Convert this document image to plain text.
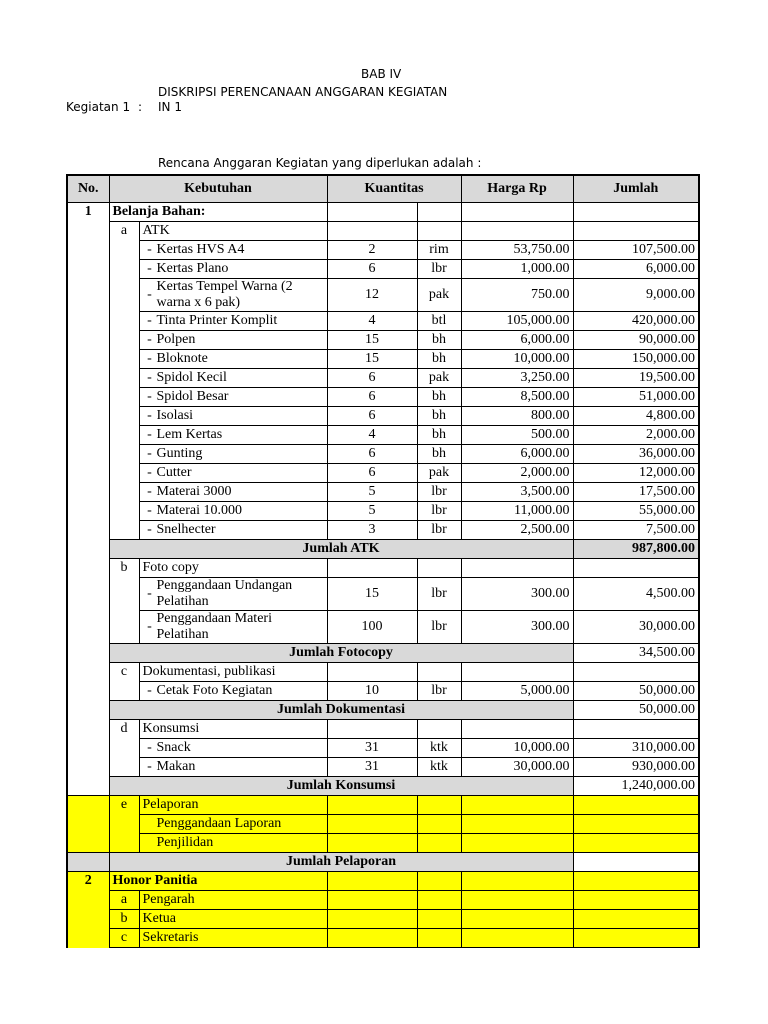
BAB IV
DISKRIPSI PERENCANAAN ANGGARAN KEGIATAN
Kegiatan 1 : IN 1
Rencana Anggaran Kegiatan yang diperlukan adalah :
No.	Kebutuhan		Kuantitas		Harga Rp	Jumlah
1	Belanja Bahan:					
	a	ATK				
		- Kertas HVS A4	2	rim	53,750.00	107,500.00
		- Kertas Plano	6	lbr	1,000.00	6,000.00
		-Kertas Tempel Warna (2 warna x 6 pak)	12	pak	750.00	9,000.00
		- Tinta Printer Komplit	4	btl	105,000.00	420,000.00
		- Polpen	15	bh	6,000.00	90,000.00
		- Bloknote	15	bh	10,000.00	150,000.00
		- Spidol Kecil	6	pak	3,250.00	19,500.00
		- Spidol Besar	6	bh	8,500.00	51,000.00
		- Isolasi	6	bh	800.00	4,800.00
		- Lem Kertas	4	bh	500.00	2,000.00
		- Gunting	6	bh	6,000.00	36,000.00
		- Cutter	6	pak	2,000.00	12,000.00
		- Materai 3000	5	lbr	3,500.00	17,500.00
		- Materai 10.000	5	lbr	11,000.00	55,000.00
		- Snelhecter	3	lbr	2,500.00	7,500.00
	Jumlah ATK					987,800.00
	b	Foto copy				
		-Penggandaan Undangan Pelatihan	15	lbr	300.00	4,500.00
		-Penggandaan Materi Pelatihan	100	lbr	300.00	30,000.00
	Jumlah Fotocopy					34,500.00
	c	Dokumentasi, publikasi				
		- Cetak Foto Kegiatan	10	lbr	5,000.00	50,000.00
	Jumlah Dokumentasi					50,000.00
	d	Konsumsi				
		- Snack	31	ktk	10,000.00	310,000.00
		- Makan	31	ktk	30,000.00	930,000.00
	Jumlah Konsumsi					1,240,000.00
	e	Pelaporan				
		Penggandaan Laporan				
		Penjilidan				
	Jumlah Pelaporan					
2	Honor Panitia					
	a	Pengarah				
	b	Ketua				
	c	Sekretaris				
